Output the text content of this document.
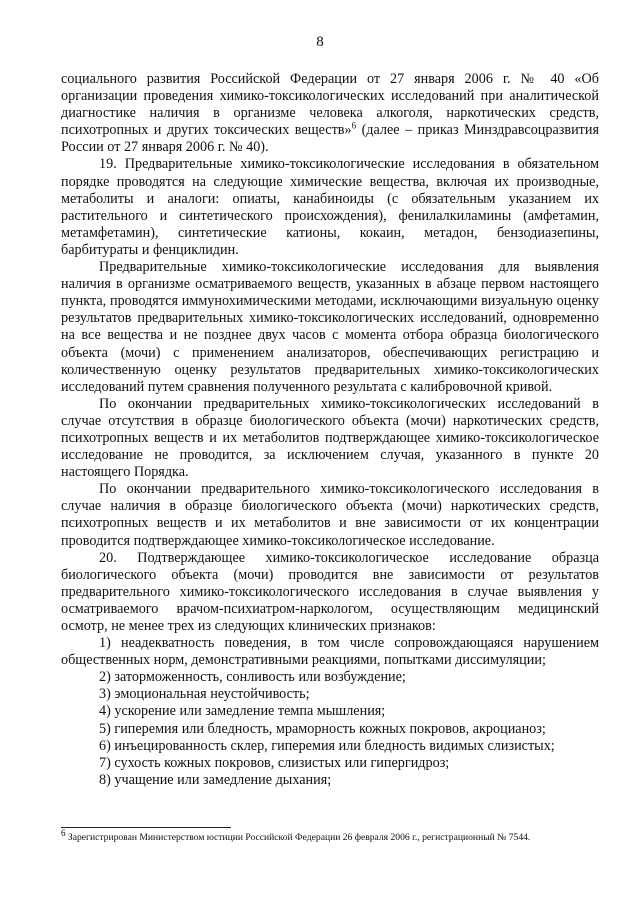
8

социального развития Российской Федерации от 27 января 2006 г. № 40 «Об организации проведения химико-токсикологических исследований при аналитической диагностике наличия в организме человека алкоголя, наркотических средств, психотропных и других токсических веществ»$^6$ (далее – приказ Минздравсоцразвития России от 27 января 2006 г. № 40).

19. Предварительные химико-токсикологические исследования в обязательном порядке проводятся на следующие химические вещества, включая их производные, метаболиты и аналоги: опиаты, канабиноиды (с обязательным указанием их растительного и синтетического происхождения), фенилалкиламины (амфетамин, метамфетамин), синтетические катионы, кокаин, метадон, бензодиазепины, барбитураты и фенциклидин.

Предварительные химико-токсикологические исследования для выявления наличия в организме осматриваемого веществ, указанных в абзаце первом настоящего пункта, проводятся иммунохимическими методами, исключающими визуальную оценку результатов предварительных химико-токсикологических исследований, одновременно на все вещества и не позднее двух часов с момента отбора образца биологического объекта (мочи) с применением анализаторов, обеспечивающих регистрацию и количественную оценку результатов предварительных химико-токсикологических исследований путем сравнения полученного результата с калибровочной кривой.

По окончании предварительных химико-токсикологических исследований в случае отсутствия в образце биологического объекта (мочи) наркотических средств, психотропных веществ и их метаболитов подтверждающее химико-токсикологическое исследование не проводится, за исключением случая, указанного в пункте 20 настоящего Порядка.

По окончании предварительного химико-токсикологического исследования в случае наличия в образце биологического объекта (мочи) наркотических средств, психотропных веществ и их метаболитов и вне зависимости от их концентрации проводится подтверждающее химико-токсикологическое исследование.

20. Подтверждающее химико-токсикологическое исследование образца биологического объекта (мочи) проводится вне зависимости от результатов предварительного химико-токсикологического исследования в случае выявления у осматриваемого врачом-психиатром-наркологом, осуществляющим медицинский осмотр, не менее трех из следующих клинических признаков:

1) неадекватность поведения, в том числе сопровождающаяся нарушением общественных норм, демонстративными реакциями, попытками диссимуляции;
2) заторможенность, сонливость или возбуждение;
3) эмоциональная неустойчивость;
4) ускорение или замедление темпа мышления;
5) гиперемия или бледность, мраморность кожных покровов, акроцианоз;
6) инъецированность склер, гиперемия или бледность видимых слизистых;
7) сухость кожных покровов, слизистых или гипергидроз;
8) учащение или замедление дыхания;
$^6$ Зарегистрирован Министерством юстиции Российской Федерации 26 февраля 2006 г., регистрационный № 7544.
